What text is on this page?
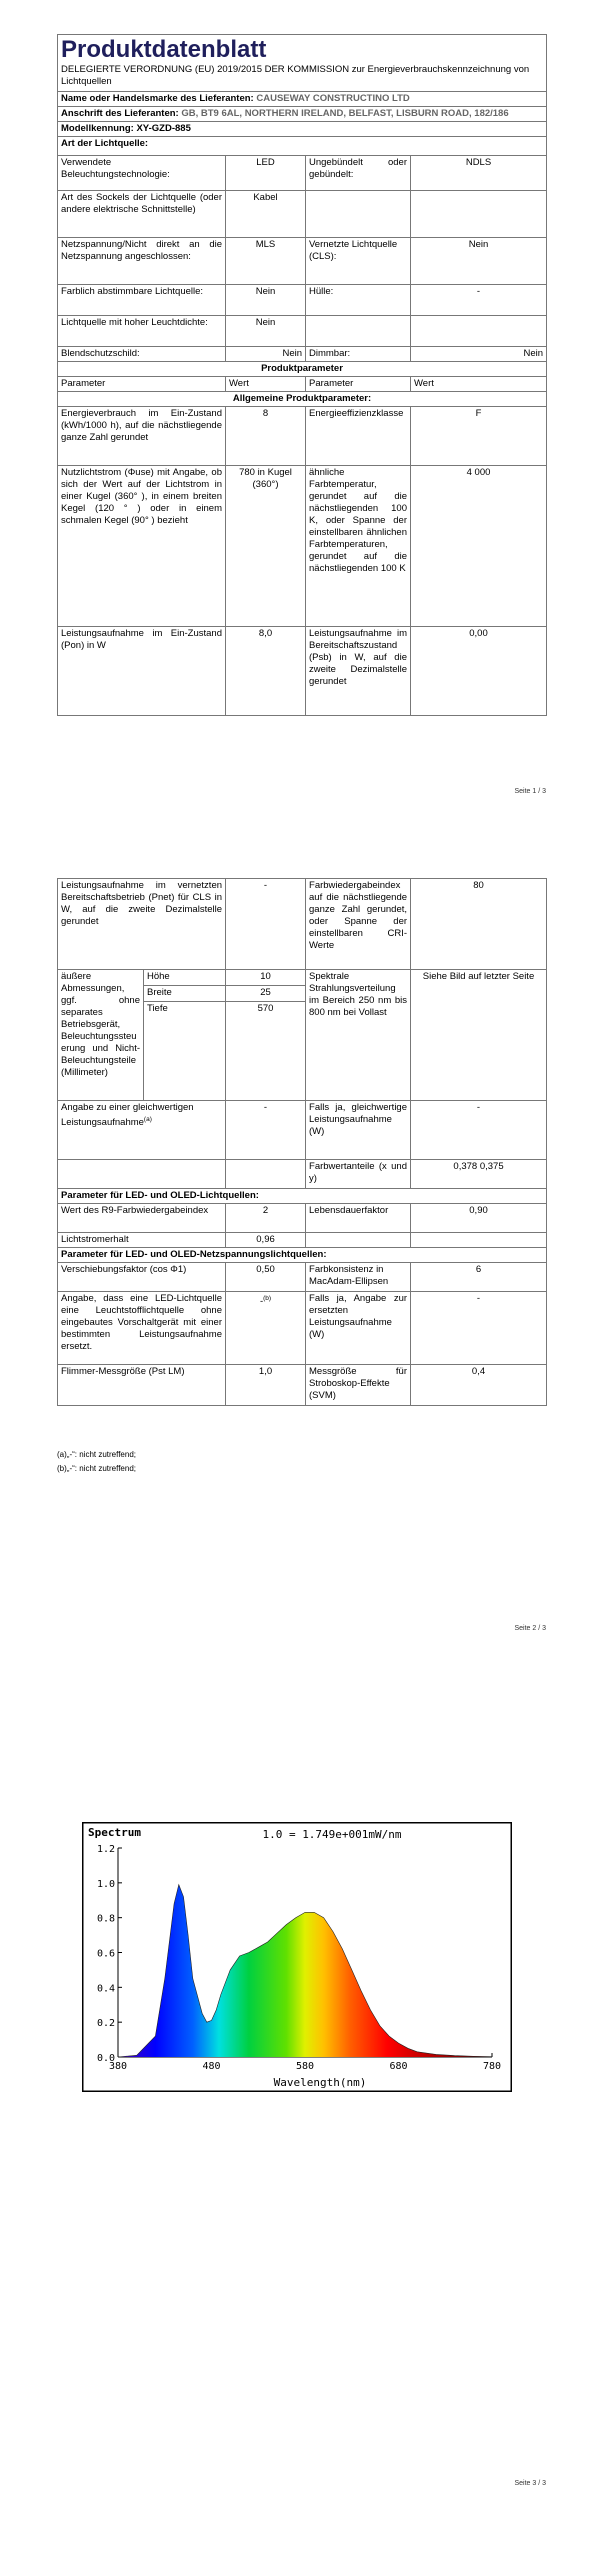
Produktdatenblatt
DELEGIERTE VERORDNUNG (EU) 2019/2015 DER KOMMISSION zur Energieverbrauchskennzeichnung von Lichtquellen			

Name oder Handelsmarke des Lieferanten: CAUSEWAY CONSTRUCTINO LTD			
Anschrift des Lieferanten: GB, BT9 6AL, NORTHERN IRELAND, BELFAST, LISBURN ROAD, 182/186			
Modellkennung: XY-GZD-885			
Art der Lichtquelle:			
Verwendete Beleuchtungstechnologie:	LED	Ungebündelt oder gebündelt:	NDLS
Art des Sockels der Lichtquelle (oder andere elektrische Schnittstelle)	Kabel		
Netzspannung/Nicht direkt an die Netzspannung angeschlossen:	MLS	Vernetzte Lichtquelle (CLS):	Nein
Farblich abstimmbare Lichtquelle:	Nein	Hülle:	-
Lichtquelle mit hoher Leuchtdichte:	Nein		
Blendschutzschild:	Nein	Dimmbar:	Nein
Produktparameter			
Parameter	Wert	Parameter	Wert
Allgemeine Produktparameter:			
Energieverbrauch im Ein-Zustand (kWh/1000 h), auf die nächstliegende ganze Zahl gerundet	8	Energieeffizienzklasse	F
Nutzlichtstrom (Φuse) mit Angabe, ob sich der Wert auf der Lichtstrom in einer Kugel (360° ), in einem breiten Kegel (120 ° ) oder in einem schmalen Kegel (90° ) bezieht	780 in Kugel (360°)	ähnliche Farbtemperatur, gerundet auf die nächstliegenden 100 K, oder Spanne der einstellbaren ähnlichen Farbtemperaturen, gerundet auf die nächstliegenden 100 K	4 000
Leistungsaufnahme im Ein-Zustand (Pon) in W	8,0	Leistungsaufnahme im Bereitschaftszustand (Psb) in W, auf die zweite Dezimalstelle gerundet	0,00
Seite 1 / 3
Leistungsaufnahme im vernetzten Bereitschaftsbetrieb (Pnet) für CLS in W, auf die zweite Dezimalstelle gerundet		-	Farbwiedergabeindex auf die nächstliegende ganze Zahl gerundet, oder Spanne der einstellbaren CRI-Werte	80
äußere Abmessungen, ggf. ohne separates Betriebsgerät, Beleuchtungssteuerung und Nicht-Beleuchtungsteile (Millimeter)	Höhe	10	Spektrale Strahlungsverteilung im Bereich 250 nm bis 800 nm bei Vollast	Siehe Bild auf letzter Seite
	Breite	25		
	Tiefe	570		
Angabe zu einer gleichwertigen Leistungsaufnahme$^{(a)}$		-	Falls ja, gleichwertige Leistungsaufnahme (W)	-
			Farbwertanteile (x und y)	0,378 0,375
Parameter für LED- und OLED-Lichtquellen:				
Wert des R9-Farbwiedergabeindex		2	Lebensdauerfaktor	0,90
Lichtstromerhalt		0,96		
Parameter für LED- und OLED-Netzspannungslichtquellen:				
Verschiebungsfaktor (cos Φ1)		0,50	Farbkonsistenz in MacAdam-Ellipsen	6
Angabe, dass eine LED-Lichtquelle eine Leuchtstofflichtquelle ohne eingebautes Vorschaltgerät mit einer bestimmten Leistungsaufnahme ersetzt.		-$^{(b)}$	Falls ja, Angabe zur ersetzten Leistungsaufnahme (W)	-
Flimmer-Messgröße (Pst LM)		1,0	Messgröße für Stroboskop-Effekte (SVM)	0,4
(a)„-“: nicht zutreffend;
(b)„-“: nicht zutreffend;
Seite 2 / 3
Spectrum	1.0 = 1.749e+001mW/nm
Wavelength(nm)
0.0
0.2
0.4
0.6
0.8
1.0
1.2
380	480	580	680	780
Seite 3 / 3
